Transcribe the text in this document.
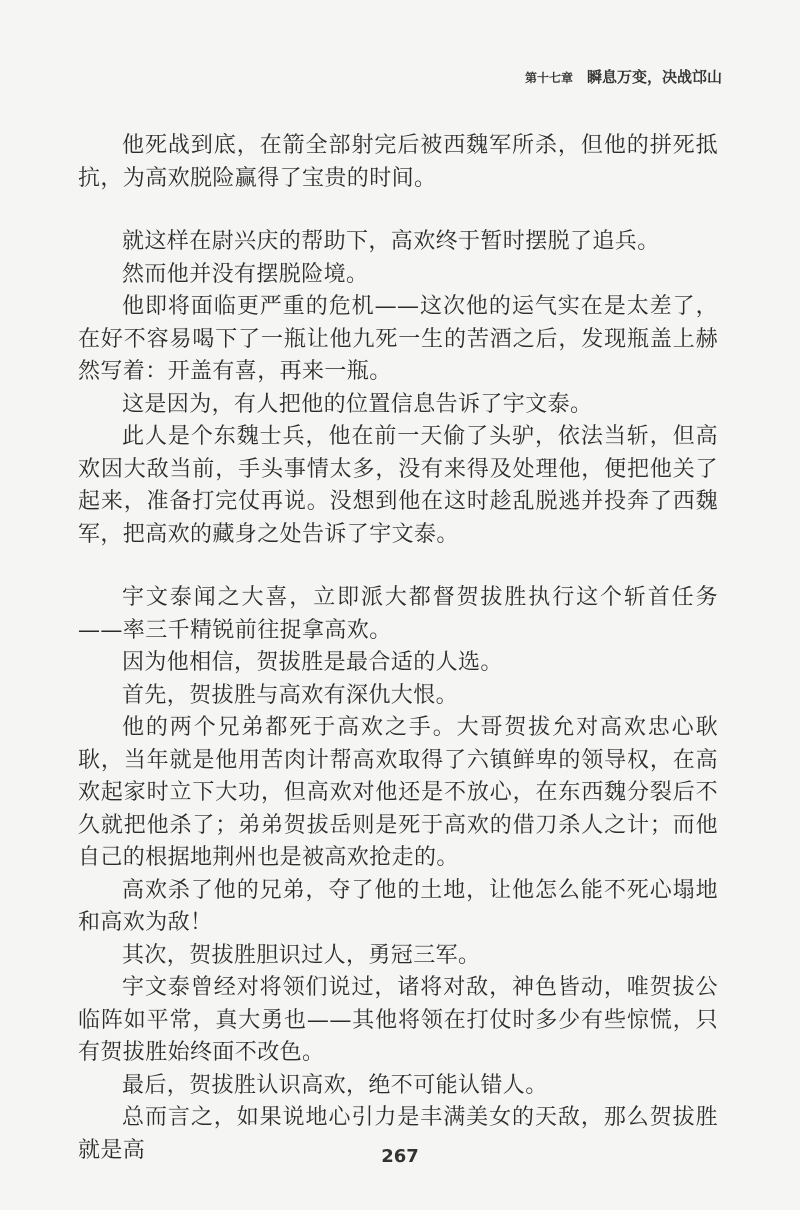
第十七章 瞬息万变，决战邙山

他死战到底，在箭全部射完后被西魏军所杀，但他的拼死抵抗，为高欢脱险赢得了宝贵的时间。

就这样在尉兴庆的帮助下，高欢终于暂时摆脱了追兵。

然而他并没有摆脱险境。

他即将面临更严重的危机——这次他的运气实在是太差了，在好不容易喝下了一瓶让他九死一生的苦酒之后，发现瓶盖上赫然写着：开盖有喜，再来一瓶。

这是因为，有人把他的位置信息告诉了宇文泰。

此人是个东魏士兵，他在前一天偷了头驴，依法当斩，但高欢因大敌当前，手头事情太多，没有来得及处理他，便把他关了起来，准备打完仗再说。没想到他在这时趁乱脱逃并投奔了西魏军，把高欢的藏身之处告诉了宇文泰。

宇文泰闻之大喜，立即派大都督贺拔胜执行这个斩首任务——率三千精锐前往捉拿高欢。

因为他相信，贺拔胜是最合适的人选。

首先，贺拔胜与高欢有深仇大恨。

他的两个兄弟都死于高欢之手。大哥贺拔允对高欢忠心耿耿，当年就是他用苦肉计帮高欢取得了六镇鲜卑的领导权，在高欢起家时立下大功，但高欢对他还是不放心，在东西魏分裂后不久就把他杀了；弟弟贺拔岳则是死于高欢的借刀杀人之计；而他自己的根据地荆州也是被高欢抢走的。

高欢杀了他的兄弟，夺了他的土地，让他怎么能不死心塌地和高欢为敌！

其次，贺拔胜胆识过人，勇冠三军。

宇文泰曾经对将领们说过，诸将对敌，神色皆动，唯贺拔公临阵如平常，真大勇也——其他将领在打仗时多少有些惊慌，只有贺拔胜始终面不改色。

最后，贺拔胜认识高欢，绝不可能认错人。

总而言之，如果说地心引力是丰满美女的天敌，那么贺拔胜就是高	267
